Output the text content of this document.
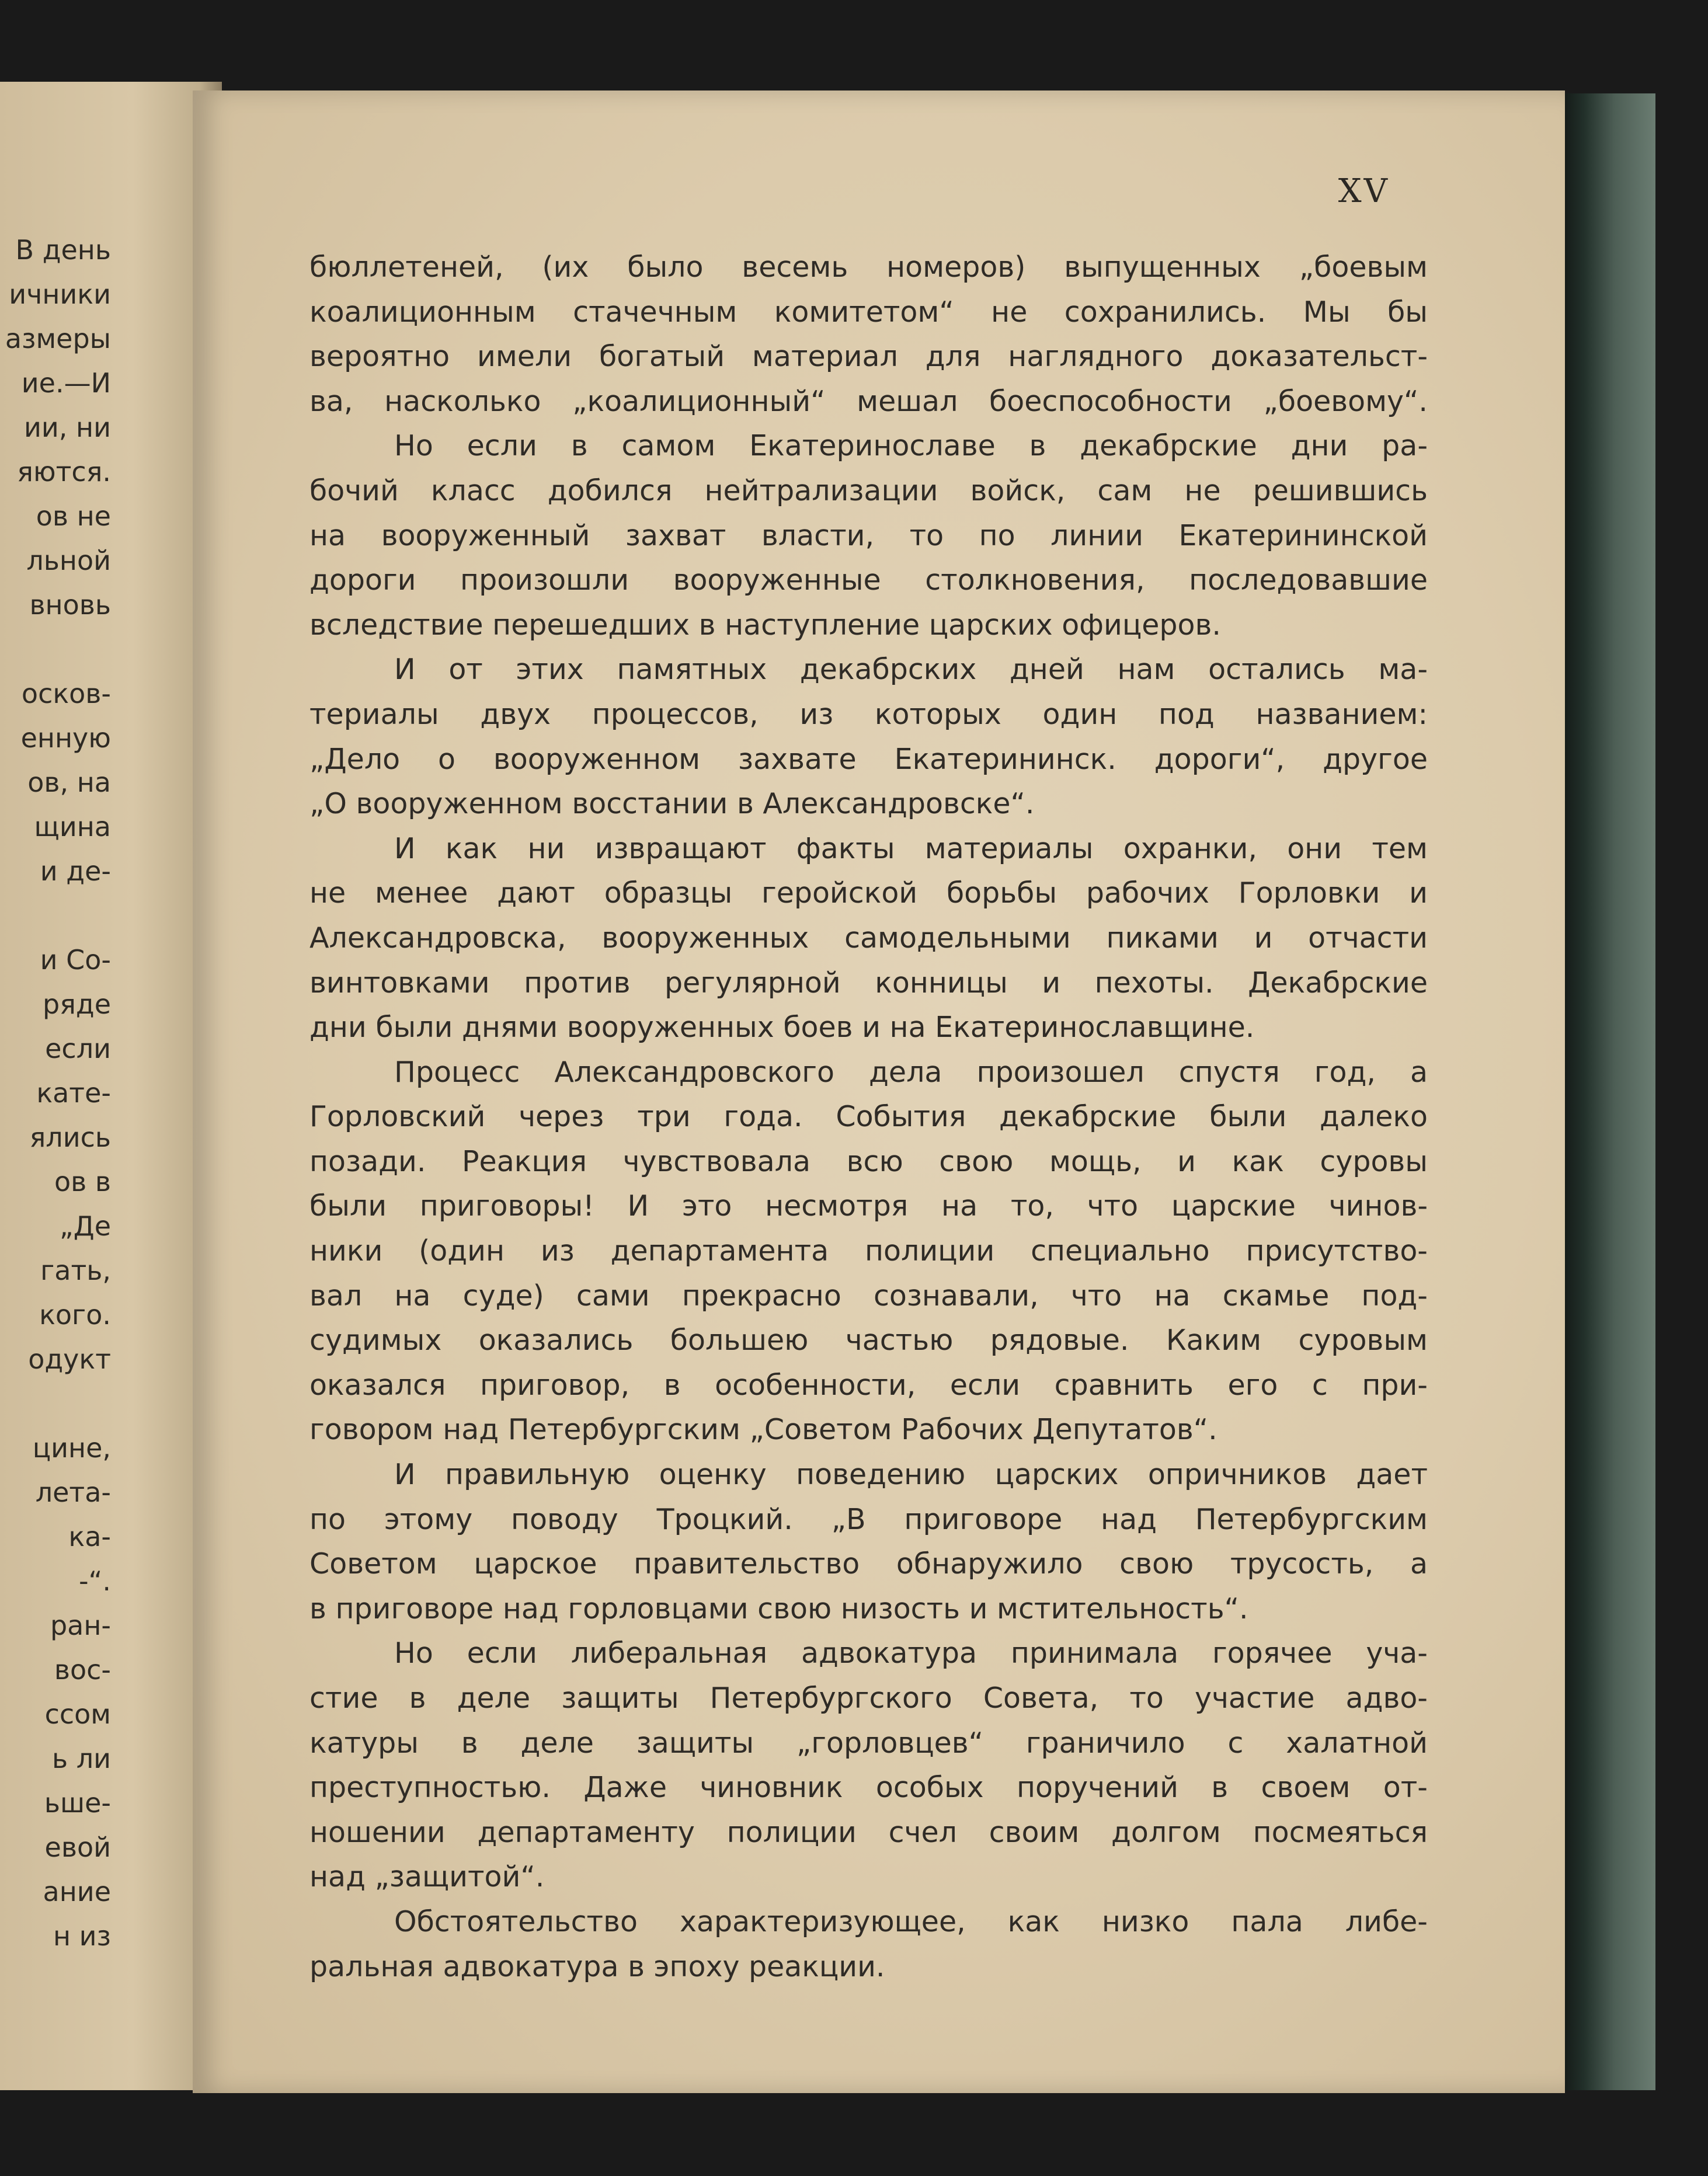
В день
ичники
азмеры
ие.—И
ии, ни
яются.
ов не
льной
вновь
осков-
енную
ов, на
щина
и де-
и Со-
ряде
если
кате-
ялись
ов в
„Де
гать,
кого.
одукт
цине,
лета-
ка-
-“.
ран-
вос-
ссом
ь ли
ьше-
евой
ание
н из
XV
бюллетеней, (их было весемь номеров) выпущенных „боевым
коалиционным стачечным комитетом“ не сохранились. Мы бы
вероятно имели богатый материал для наглядного доказательст-
ва, насколько „коалиционный“ мешал боеспособности „боевому“.
Но если в самом Екатеринославе в декабрские дни ра-
бочий класс добился нейтрализации войск, сам не решившись
на вооруженный захват власти, то по линии Екатерининской
дороги произошли вооруженные столкновения, последовавшие
вследствие перешедших в наступление царских офицеров.
И от этих памятных декабрских дней нам остались ма-
териалы двух процессов, из которых один под названием:
„Дело о вооруженном захвате Екатерининск. дороги“, другое
„О вооруженном восстании в Александровске“.
И как ни извращают факты материалы охранки, они тем
не менее дают образцы геройской борьбы рабочих Горловки и
Александровска, вооруженных самодельными пиками и отчасти
винтовками против регулярной конницы и пехоты. Декабрские
дни были днями вооруженных боев и на Екатеринославщине.
Процесс Александровского дела произошел спустя год, а
Горловский через три года. События декабрские были далеко
позади. Реакция чувствовала всю свою мощь, и как суровы
были приговоры! И это несмотря на то, что царские чинов-
ники (один из департамента полиции специально присутство-
вал на суде) сами прекрасно сознавали, что на скамье под-
судимых оказались большею частью рядовые. Каким суровым
оказался приговор, в особенности, если сравнить его с при-
говором над Петербургским „Советом Рабочих Депутатов“.
И правильную оценку поведению царских опричников дает
по этому поводу Троцкий. „В приговоре над Петербургским
Советом царское правительство обнаружило свою трусость, а
в приговоре над горловцами свою низость и мстительность“.
Но если либеральная адвокатура принимала горячее уча-
стие в деле защиты Петербургского Совета, то участие адво-
катуры в деле защиты „горловцев“ граничило с халатной
преступностью. Даже чиновник особых поручений в своем от-
ношении департаменту полиции счел своим долгом посмеяться
над „защитой“.
Обстоятельство характеризующее, как низко пала либе-
ральная адвокатура в эпоху реакции.
